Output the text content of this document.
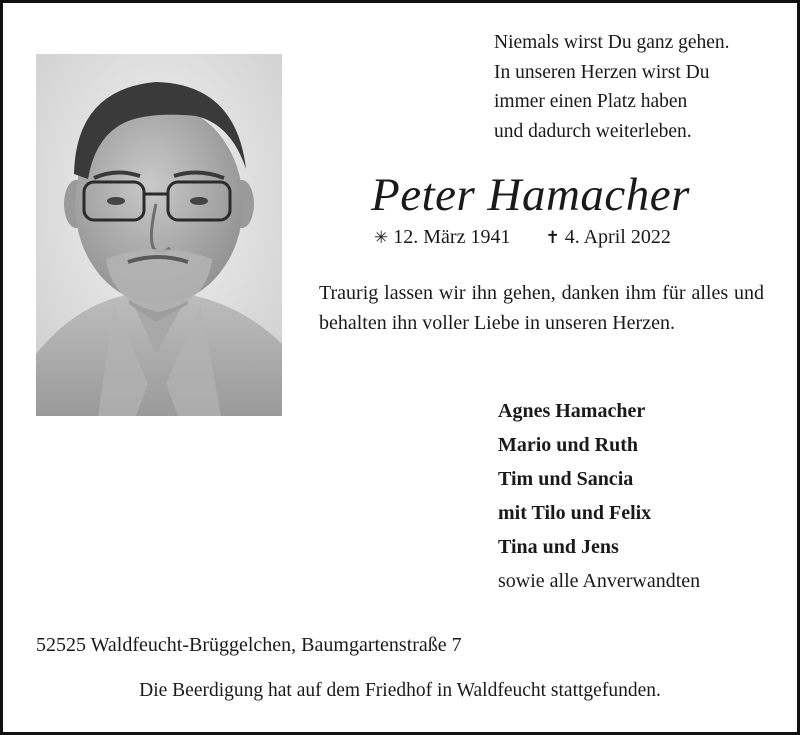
Niemals wirst Du ganz gehen.
In unseren Herzen wirst Du
immer einen Platz haben
und dadurch weiterleben.
Peter Hamacher
✳ 12. März 1941 ✝ 4. April 2022
Traurig lassen wir ihn gehen, danken ihm für alles und behalten ihn voller Liebe in unseren Herzen.
Agnes Hamacher
Mario und Ruth
Tim und Sancia
mit Tilo und Felix
Tina und Jens
sowie alle Anverwandten
52525 Waldfeucht-Brüggelchen, Baumgartenstraße 7
Die Beerdigung hat auf dem Friedhof in Waldfeucht stattgefunden.
